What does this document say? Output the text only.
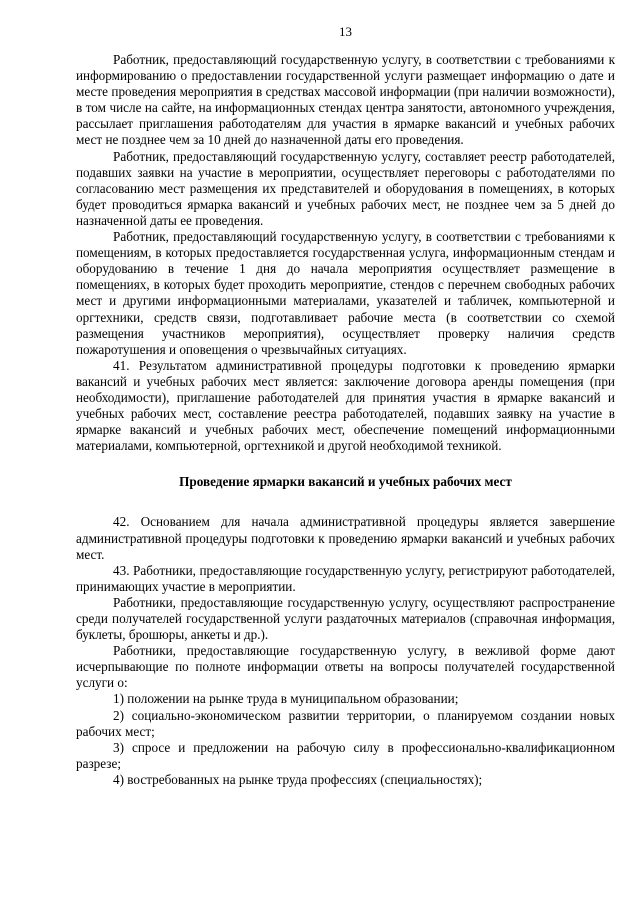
13

Работник, предоставляющий государственную услугу, в соответствии с требованиями к информированию о предоставлении государственной услуги размещает информацию о дате и месте проведения мероприятия в средствах массовой информации (при наличии возможности), в том числе на сайте, на информационных стендах центра занятости, автономного учреждения, рассылает приглашения работодателям для участия в ярмарке вакансий и учебных рабочих мест не позднее чем за 10 дней до назначенной даты его проведения.

Работник, предоставляющий государственную услугу, составляет реестр работодателей, подавших заявки на участие в мероприятии, осуществляет переговоры с работодателями по согласованию мест размещения их представителей и оборудования в помещениях, в которых будет проводиться ярмарка вакансий и учебных рабочих мест, не позднее чем за 5 дней до назначенной даты ее проведения.

Работник, предоставляющий государственную услугу, в соответствии с требованиями к помещениям, в которых предоставляется государственная услуга, информационным стендам и оборудованию в течение 1 дня до начала мероприятия осуществляет размещение в помещениях, в которых будет проходить мероприятие, стендов с перечнем свободных рабочих мест и другими информационными материалами, указателей и табличек, компьютерной и оргтехники, средств связи, подготавливает рабочие места (в соответствии со схемой размещения участников мероприятия), осуществляет проверку наличия средств пожаротушения и оповещения о чрезвычайных ситуациях.

41. Результатом административной процедуры подготовки к проведению ярмарки вакансий и учебных рабочих мест является: заключение договора аренды помещения (при необходимости), приглашение работодателей для принятия участия в ярмарке вакансий и учебных рабочих мест, составление реестра работодателей, подавших заявку на участие в ярмарке вакансий и учебных рабочих мест, обеспечение помещений информационными материалами, компьютерной, оргтехникой и другой необходимой техникой.

Проведение ярмарки вакансий и учебных рабочих мест

42. Основанием для начала административной процедуры является завершение административной процедуры подготовки к проведению ярмарки вакансий и учебных рабочих мест.

43. Работники, предоставляющие государственную услугу, регистрируют работодателей, принимающих участие в мероприятии.

Работники, предоставляющие государственную услугу, осуществляют распространение среди получателей государственной услуги раздаточных материалов (справочная информация, буклеты, брошюры, анкеты и др.).

Работники, предоставляющие государственную услугу, в вежливой форме дают исчерпывающие по полноте информации ответы на вопросы получателей государственной услуги о:

1) положении на рынке труда в муниципальном образовании;

2) социально-экономическом развитии территории, о планируемом создании новых рабочих мест;

3) спросе и предложении на рабочую силу в профессионально-квалификационном разрезе;

4) востребованных на рынке труда профессиях (специальностях);
